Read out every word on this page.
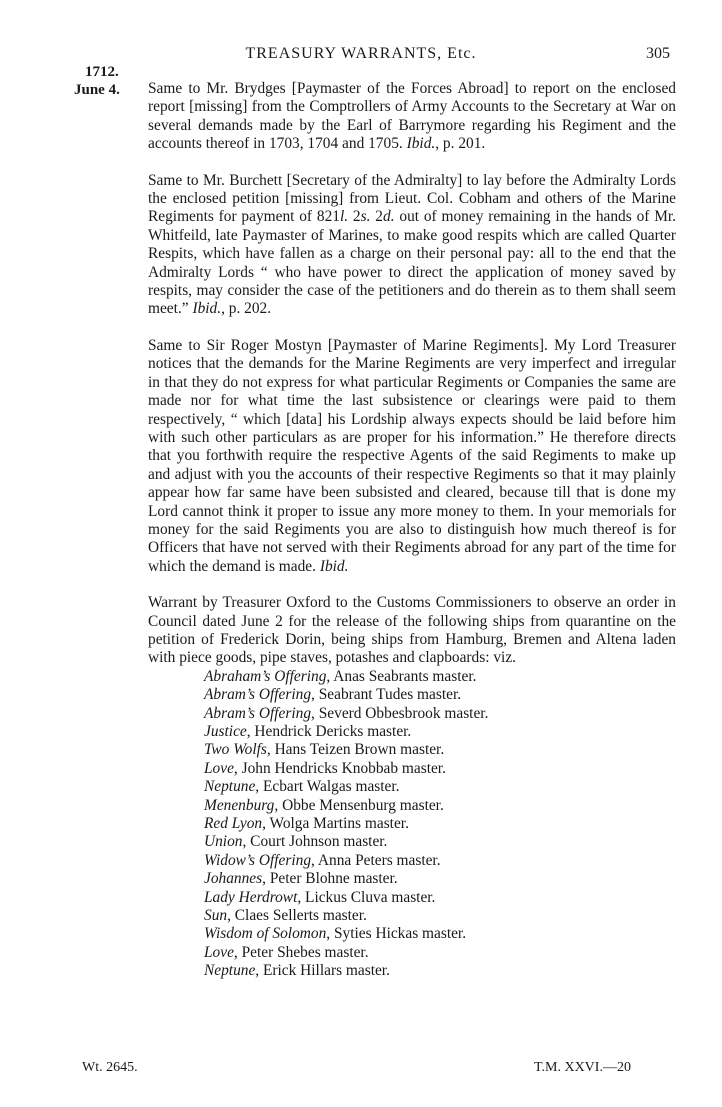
TREASURY WARRANTS, Etc.	305
1712.
June 4. Same to Mr. Brydges [Paymaster of the Forces Abroad] to report on the enclosed report [missing] from the Comptrollers of Army Accounts to the Secretary at War on several demands made by the Earl of Barrymore regarding his Regiment and the accounts thereof in 1703, 1704 and 1705. Ibid., p. 201.

Same to Mr. Burchett [Secretary of the Admiralty] to lay before the Admiralty Lords the enclosed petition [missing] from Lieut. Col. Cobham and others of the Marine Regiments for payment of 821l. 2s. 2d. out of money remaining in the hands of Mr. Whitfeild, late Paymaster of Marines, to make good respits which are called Quarter Respits, which have fallen as a charge on their personal pay: all to the end that the Admiralty Lords “ who have power to direct the application of money saved by respits, may consider the case of the petitioners and do therein as to them shall seem meet.” Ibid., p. 202.

Same to Sir Roger Mostyn [Paymaster of Marine Regiments]. My Lord Treasurer notices that the demands for the Marine Regiments are very imperfect and irregular in that they do not express for what particular Regiments or Companies the same are made nor for what time the last subsistence or clearings were paid to them respectively, “ which [data] his Lordship always expects should be laid before him with such other particulars as are proper for his information.” He therefore directs that you forthwith require the respective Agents of the said Regiments to make up and adjust with you the accounts of their respective Regiments so that it may plainly appear how far same have been subsisted and cleared, because till that is done my Lord cannot think it proper to issue any more money to them. In your memorials for money for the said Regiments you are also to distinguish how much thereof is for Officers that have not served with their Regiments abroad for any part of the time for which the demand is made. Ibid.

Warrant by Treasurer Oxford to the Customs Commissioners to observe an order in Council dated June 2 for the release of the following ships from quarantine on the petition of Frederick Dorin, being ships from Hamburg, Bremen and Altena laden with piece goods, pipe staves, potashes and clapboards: viz.

Abraham’s Offering, Anas Seabrants master.
Abram’s Offering, Seabrant Tudes master.
Abram’s Offering, Severd Obbesbrook master.
Justice, Hendrick Dericks master.
Two Wolfs, Hans Teizen Brown master.
Love, John Hendricks Knobbab master.
Neptune, Ecbart Walgas master.
Menenburg, Obbe Mensenburg master.
Red Lyon, Wolga Martins master.
Union, Court Johnson master.
Widow’s Offering, Anna Peters master.
Johannes, Peter Blohne master.
Lady Herdrowt, Lickus Cluva master.
Sun, Claes Sellerts master.
Wisdom of Solomon, Syties Hickas master.
Love, Peter Shebes master.
Neptune, Erick Hillars master.
Wt. 2645.	T.M. XXVI.—20
